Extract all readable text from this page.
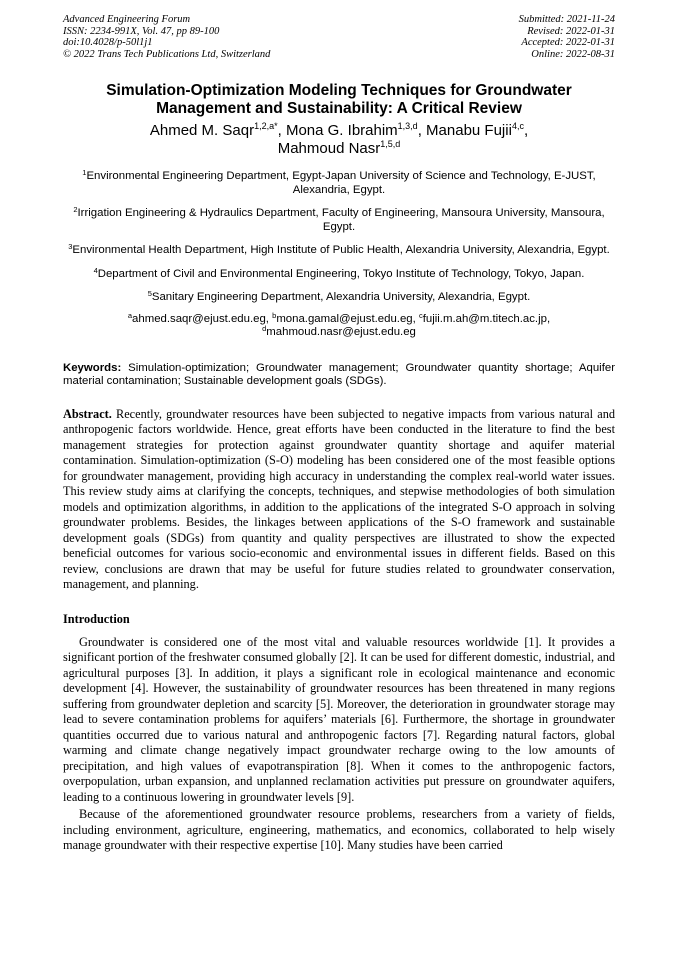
Advanced Engineering Forum
ISSN: 2234-991X, Vol. 47, pp 89-100
doi:10.4028/p-50l1j1
© 2022 Trans Tech Publications Ltd, Switzerland
Submitted: 2021-11-24
Revised: 2022-01-31
Accepted: 2022-01-31
Online: 2022-08-31
Simulation-Optimization Modeling Techniques for Groundwater Management and Sustainability: A Critical Review
Ahmed M. Saqr$^{1,2,a*}$, Mona G. Ibrahim$^{1,3,d}$, Manabu Fujii$^{4,c}$,
Mahmoud Nasr$^{1,5,d}$
$^1$Environmental Engineering Department, Egypt-Japan University of Science and Technology, E-JUST, Alexandria, Egypt.
$^2$Irrigation Engineering & Hydraulics Department, Faculty of Engineering, Mansoura University, Mansoura, Egypt.
$^3$Environmental Health Department, High Institute of Public Health, Alexandria University, Alexandria, Egypt.
$^4$Department of Civil and Environmental Engineering, Tokyo Institute of Technology, Tokyo, Japan.
$^5$Sanitary Engineering Department, Alexandria University, Alexandria, Egypt.
$^a$ahmed.saqr@ejust.edu.eg, $^b$mona.gamal@ejust.edu.eg, $^c$fujii.m.ah@m.titech.ac.jp,
$^d$mahmoud.nasr@ejust.edu.eg
Keywords: Simulation-optimization; Groundwater management; Groundwater quantity shortage; Aquifer material contamination; Sustainable development goals (SDGs).
Abstract. Recently, groundwater resources have been subjected to negative impacts from various natural and anthropogenic factors worldwide. Hence, great efforts have been conducted in the literature to find the best management strategies for protection against groundwater quantity shortage and aquifer material contamination. Simulation-optimization (S-O) modeling has been considered one of the most feasible options for groundwater management, providing high accuracy in understanding the complex real-world water issues. This review study aims at clarifying the concepts, techniques, and stepwise methodologies of both simulation models and optimization algorithms, in addition to the applications of the integrated S-O approach in solving groundwater problems. Besides, the linkages between applications of the S-O framework and sustainable development goals (SDGs) from quantity and quality perspectives are illustrated to show the expected beneficial outcomes for various socio-economic and environmental issues in different fields. Based on this review, conclusions are drawn that may be useful for future studies related to groundwater conservation, management, and planning.
Introduction
Groundwater is considered one of the most vital and valuable resources worldwide [1]. It provides a significant portion of the freshwater consumed globally [2]. It can be used for different domestic, industrial, and agricultural purposes [3]. In addition, it plays a significant role in ecological maintenance and economic development [4]. However, the sustainability of groundwater resources has been threatened in many regions suffering from groundwater depletion and scarcity [5]. Moreover, the deterioration in groundwater storage may lead to severe contamination problems for aquifers’ materials [6]. Furthermore, the shortage in groundwater quantities occurred due to various natural and anthropogenic factors [7]. Regarding natural factors, global warming and climate change negatively impact groundwater recharge owing to the low amounts of precipitation, and high values of evapotranspiration [8]. When it comes to the anthropogenic factors, overpopulation, urban expansion, and unplanned reclamation activities put pressure on groundwater aquifers, leading to a continuous lowering in groundwater levels [9].
Because of the aforementioned groundwater resource problems, researchers from a variety of fields, including environment, agriculture, engineering, mathematics, and economics, collaborated to help wisely manage groundwater with their respective expertise [10]. Many studies have been carried
